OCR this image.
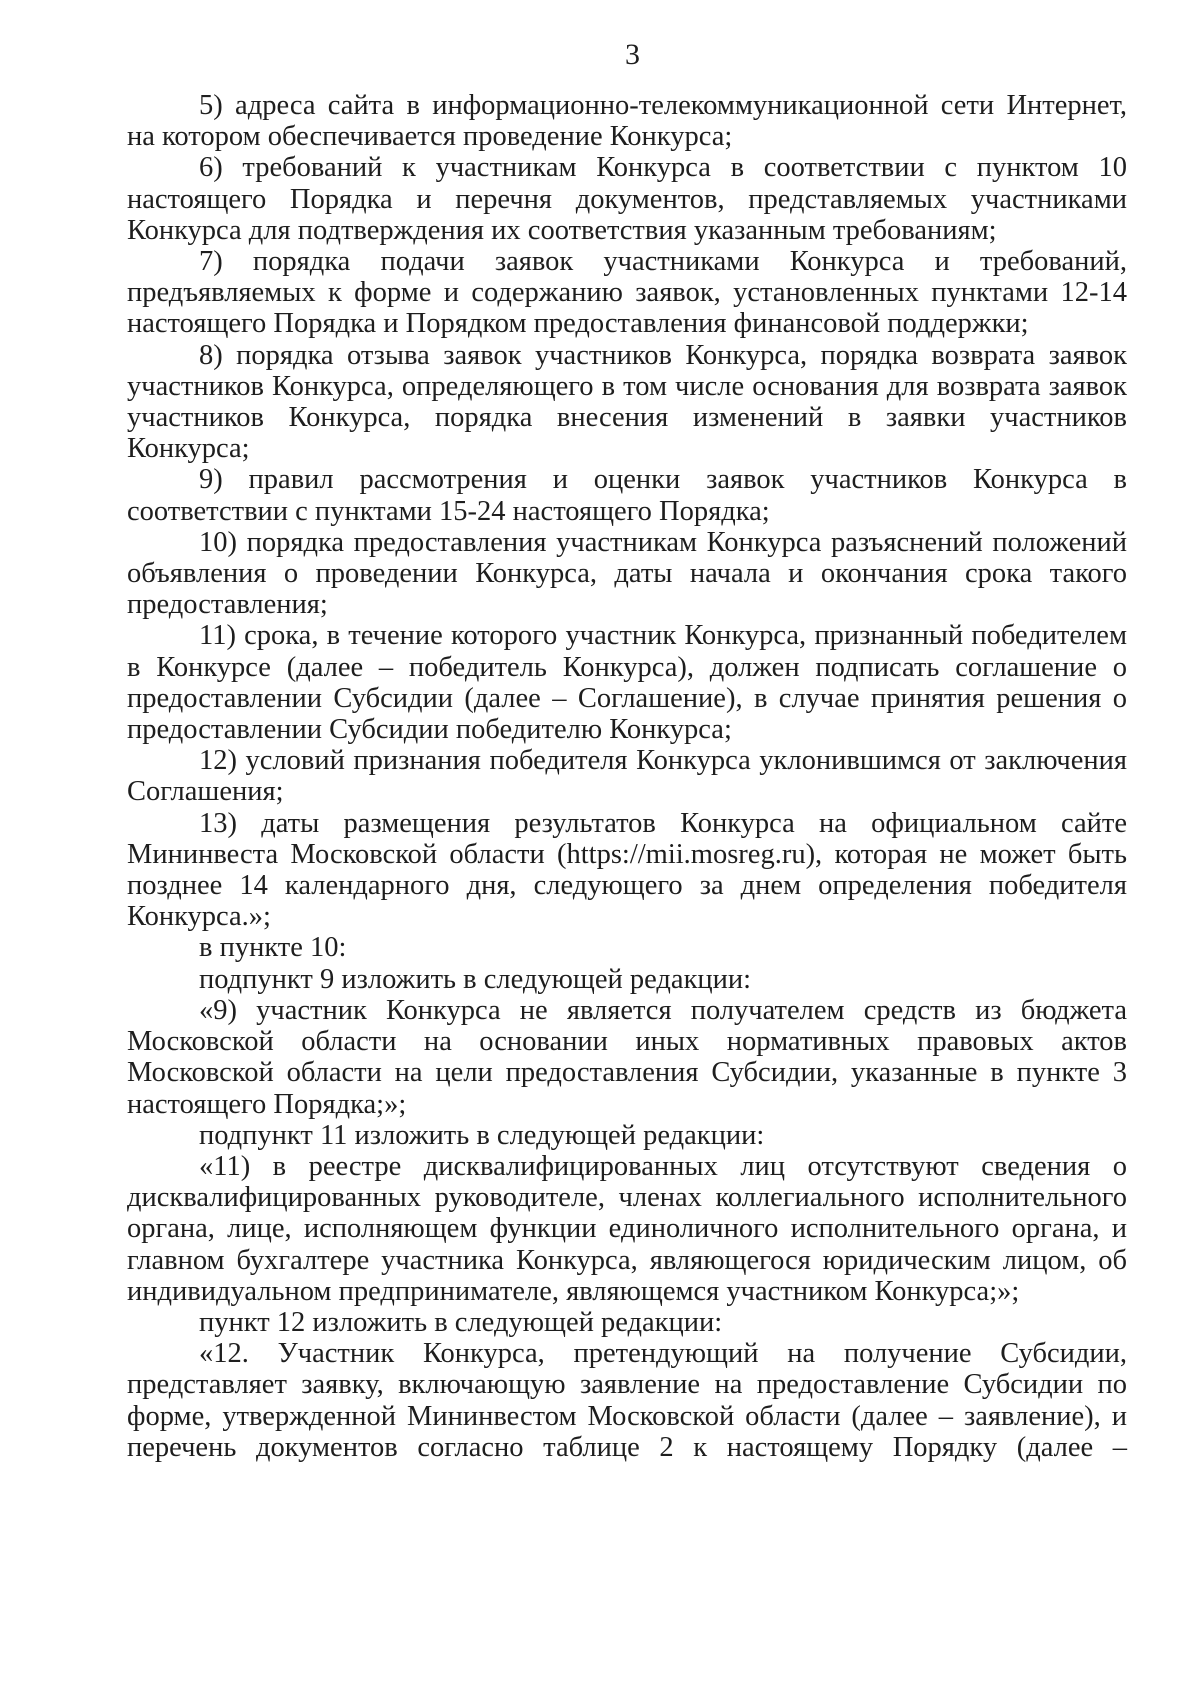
3

5) адреса сайта в информационно-телекоммуникационной сети Интернет, на котором обеспечивается проведение Конкурса;

6) требований к участникам Конкурса в соответствии с пунктом 10 настоящего Порядка и перечня документов, представляемых участниками Конкурса для подтверждения их соответствия указанным требованиям;

7) порядка подачи заявок участниками Конкурса и требований, предъявляемых к форме и содержанию заявок, установленных пунктами 12-14 настоящего Порядка и Порядком предоставления финансовой поддержки;

8) порядка отзыва заявок участников Конкурса, порядка возврата заявок участников Конкурса, определяющего в том числе основания для возврата заявок участников Конкурса, порядка внесения изменений в заявки участников Конкурса;

9) правил рассмотрения и оценки заявок участников Конкурса в соответствии с пунктами 15-24 настоящего Порядка;

10) порядка предоставления участникам Конкурса разъяснений положений объявления о проведении Конкурса, даты начала и окончания срока такого предоставления;

11) срока, в течение которого участник Конкурса, признанный победителем в Конкурсе (далее – победитель Конкурса), должен подписать соглашение о предоставлении Субсидии (далее – Соглашение), в случае принятия решения о предоставлении Субсидии победителю Конкурса;

12) условий признания победителя Конкурса уклонившимся от заключения Соглашения;

13) даты размещения результатов Конкурса на официальном сайте Мининвеста Московской области (https://mii.mosreg.ru), которая не может быть позднее 14 календарного дня, следующего за днем определения победителя Конкурса.»;

в пункте 10:

подпункт 9 изложить в следующей редакции:

«9) участник Конкурса не является получателем средств из бюджета Московской области на основании иных нормативных правовых актов Московской области на цели предоставления Субсидии, указанные в пункте 3 настоящего Порядка;»;

подпункт 11 изложить в следующей редакции:

«11) в реестре дисквалифицированных лиц отсутствуют сведения о дисквалифицированных руководителе, членах коллегиального исполнительного органа, лице, исполняющем функции единоличного исполнительного органа, и главном бухгалтере участника Конкурса, являющегося юридическим лицом, об индивидуальном предпринимателе, являющемся участником Конкурса;»;

пункт 12 изложить в следующей редакции:

«12. Участник Конкурса, претендующий на получение Субсидии, представляет заявку, включающую заявление на предоставление Субсидии по форме, утвержденной Мининвестом Московской области (далее – заявление), и перечень документов согласно таблице 2 к настоящему Порядку (далее –
